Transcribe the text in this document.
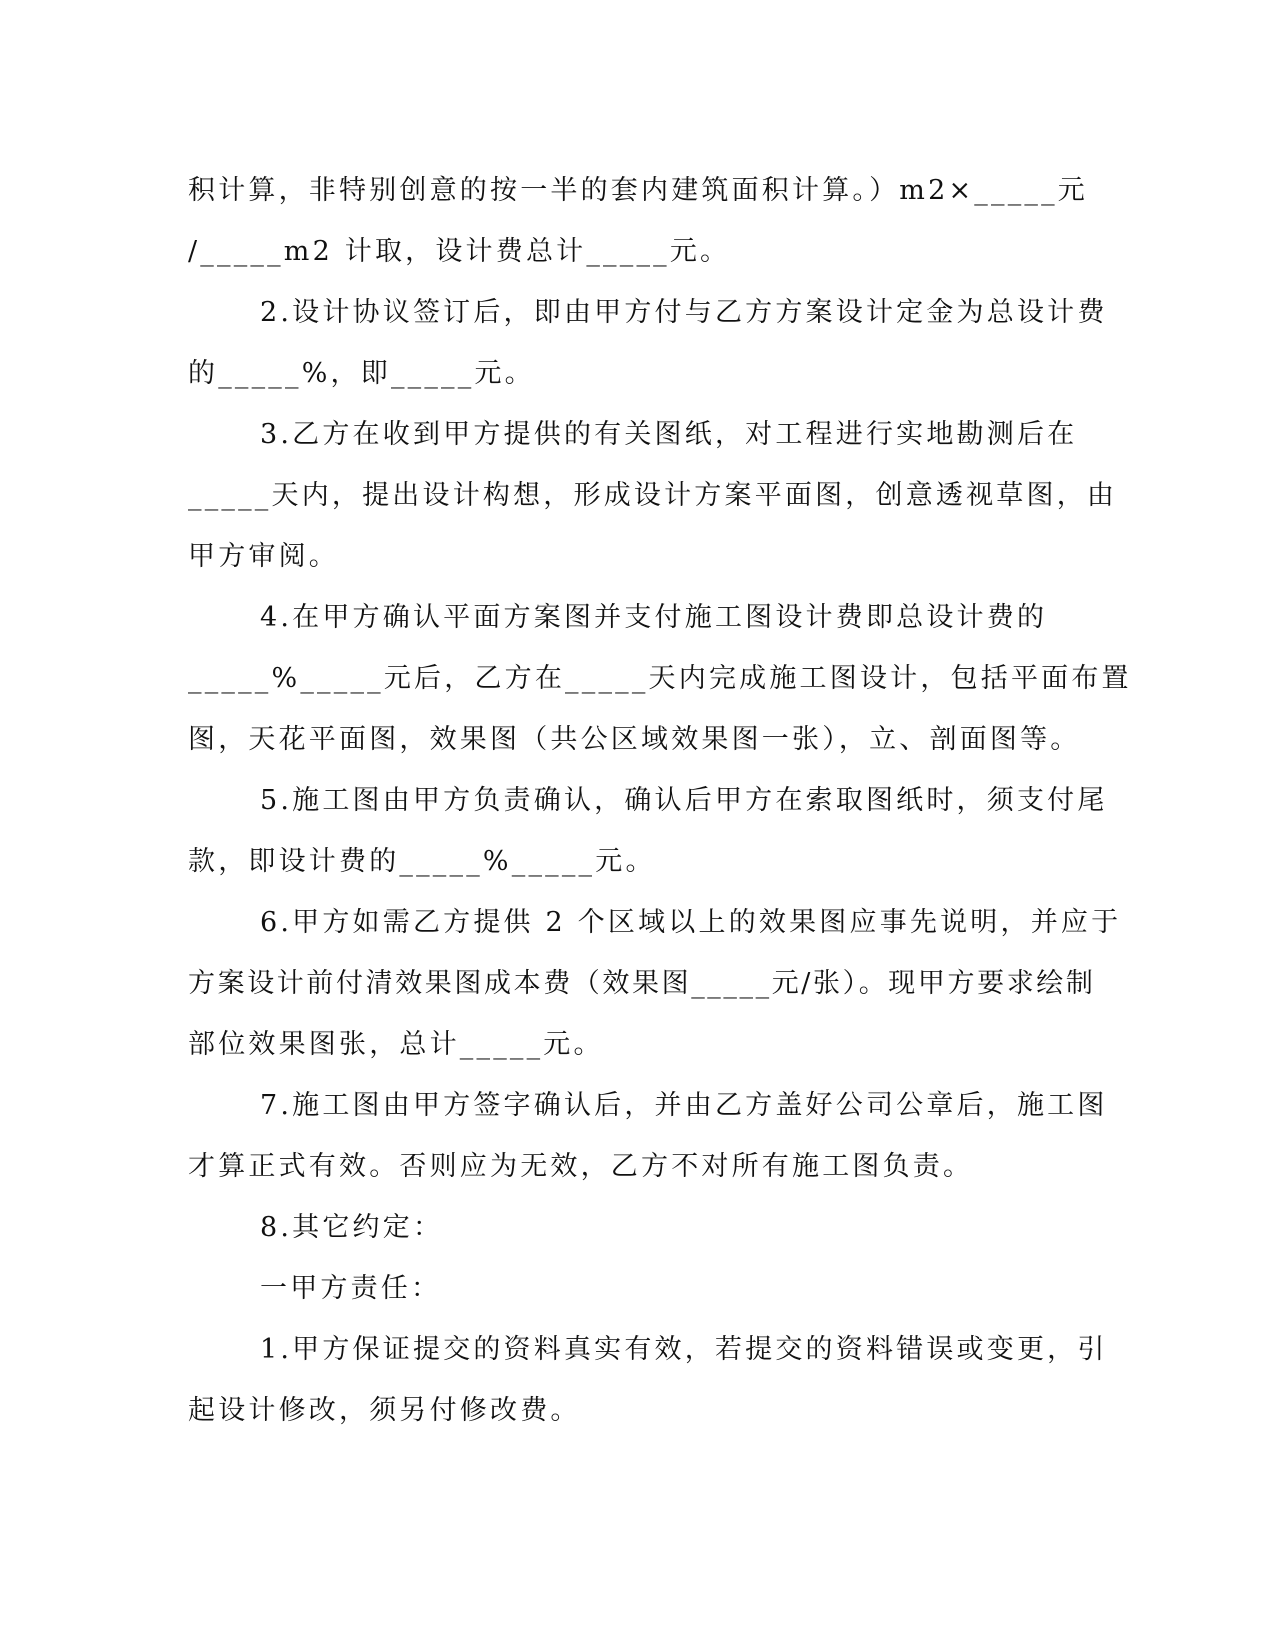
积计算，非特别创意的按一半的套内建筑面积计算。）m2×_____元
/_____m2 计取，设计费总计_____元。
2.设计协议签订后，即由甲方付与乙方方案设计定金为总设计费
的_____%，即_____元。
3.乙方在收到甲方提供的有关图纸，对工程进行实地勘测后在
_____天内，提出设计构想，形成设计方案平面图，创意透视草图，由
甲方审阅。
4.在甲方确认平面方案图并支付施工图设计费即总设计费的
_____%_____元后，乙方在_____天内完成施工图设计，包括平面布置
图，天花平面图，效果图（共公区域效果图一张），立、剖面图等。
5.施工图由甲方负责确认，确认后甲方在索取图纸时，须支付尾
款，即设计费的_____%_____元。
6.甲方如需乙方提供 2 个区域以上的效果图应事先说明，并应于
方案设计前付清效果图成本费（效果图_____元/张）。现甲方要求绘制
部位效果图张，总计_____元。
7.施工图由甲方签字确认后，并由乙方盖好公司公章后，施工图
才算正式有效。否则应为无效，乙方不对所有施工图负责。
8.其它约定：
一甲方责任：
1.甲方保证提交的资料真实有效，若提交的资料错误或变更，引
起设计修改，须另付修改费。
